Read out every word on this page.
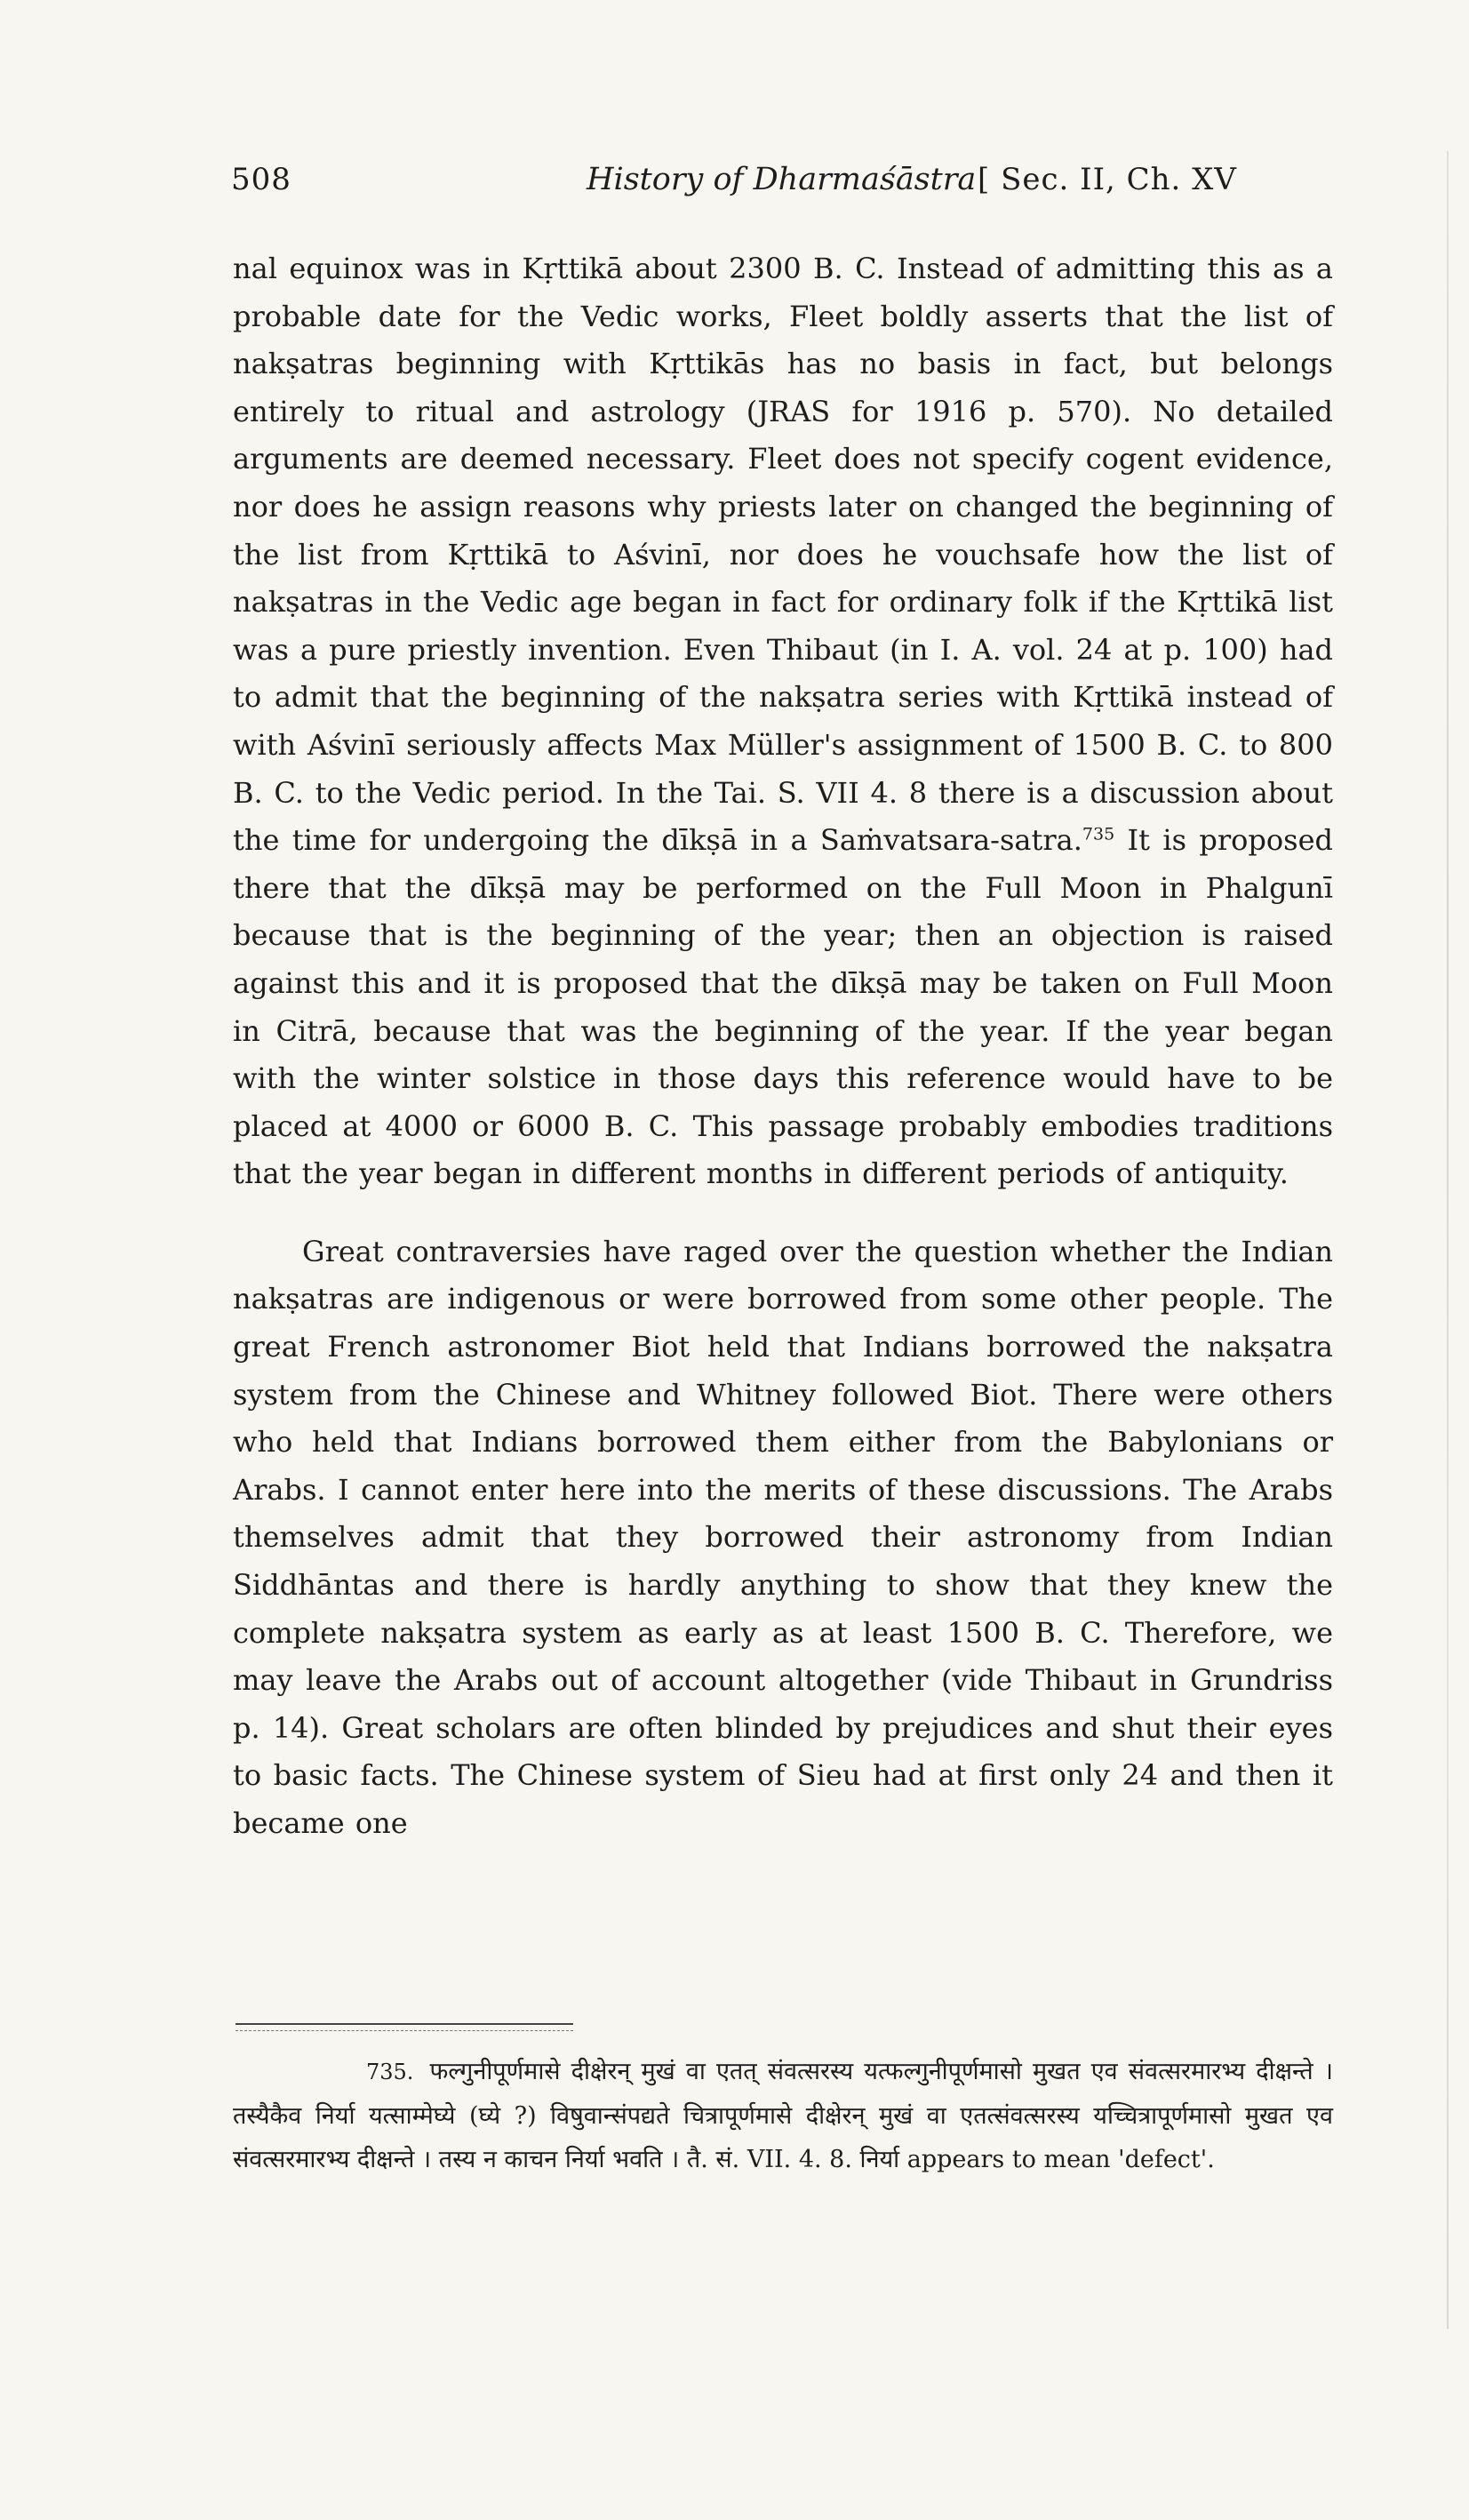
508	History of Dharmaśāstra [ Sec. II, Ch. XV

nal equinox was in Kṛttikā about 2300 B. C. Instead of admitting this as a probable date for the Vedic works, Fleet boldly asserts that the list of nakṣatras beginning with Kṛttikās has no basis in fact, but belongs entirely to ritual and astrology (JRAS for 1916 p. 570). No detailed arguments are deemed necessary. Fleet does not specify cogent evidence, nor does he assign reasons why priests later on changed the beginning of the list from Kṛttikā to Aśvinī, nor does he vouchsafe how the list of nakṣatras in the Vedic age began in fact for ordinary folk if the Kṛttikā list was a pure priestly invention. Even Thibaut (in I. A. vol. 24 at p. 100) had to admit that the beginning of the nakṣatra series with Kṛttikā instead of with Aśvinī seriously affects Max Müller's assignment of 1500 B. C. to 800 B. C. to the Vedic period. In the Tai. S. VII 4. 8 there is a discussion about the time for undergoing the dīkṣā in a Saṁvatsara-satra.$^{735}$ It is proposed there that the dīkṣā may be performed on the Full Moon in Phalgunī because that is the beginning of the year; then an objection is raised against this and it is proposed that the dīkṣā may be taken on Full Moon in Citrā, because that was the beginning of the year. If the year began with the winter solstice in those days this reference would have to be placed at 4000 or 6000 B. C. This passage probably embodies traditions that the year began in different months in different periods of antiquity.

Great contraversies have raged over the question whether the Indian nakṣatras are indigenous or were borrowed from some other people. The great French astronomer Biot held that Indians borrowed the nakṣatra system from the Chinese and Whitney followed Biot. There were others who held that Indians borrowed them either from the Babylonians or Arabs. I cannot enter here into the merits of these discussions. The Arabs themselves admit that they borrowed their astronomy from Indian Siddhāntas and there is hardly anything to show that they knew the complete nakṣatra system as early as at least 1500 B. C. Therefore, we may leave the Arabs out of account altogether (vide Thibaut in Grundriss p. 14). Great scholars are often blinded by prejudices and shut their eyes to basic facts. The Chinese system of Sieu had at first only 24 and then it became one

735. फल्गुनीपूर्णमासे दीक्षेरन् मुखं वा एतत् संवत्सरस्य यत्फल्गुनीपूर्णमासो मुखत एव संवत्सरमारभ्य दीक्षन्ते । तस्यैकैव निर्या यत्साम्मेघ्ये (घ्ये ?) विषुवान्संपद्यते चित्रापूर्णमासे दीक्षेरन् मुखं वा एतत्संवत्सरस्य यच्चित्रापूर्णमासो मुखत एव संवत्सरमारभ्य दीक्षन्ते । तस्य न काचन निर्या भवति । तै. सं. VII. 4. 8. निर्या appears to mean 'defect'.
